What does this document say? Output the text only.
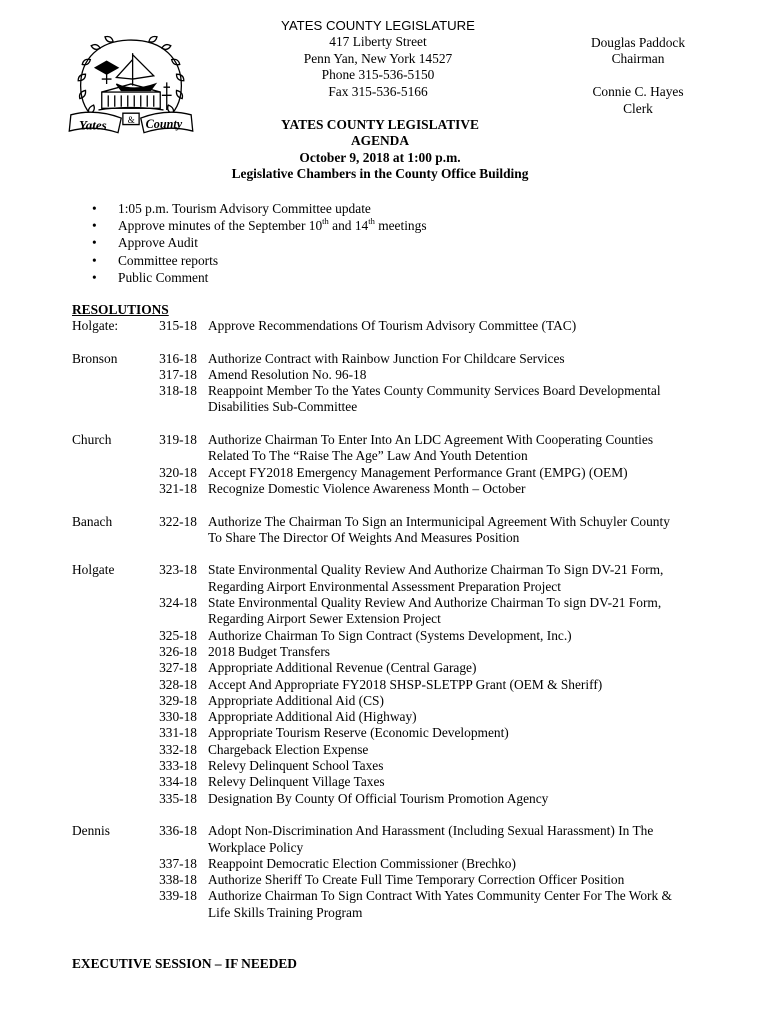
Yates & County
YATES COUNTY LEGISLATURE
417 Liberty Street
Penn Yan, New York 14527
Phone 315-536-5150
Fax 315-536-5166
Douglas Paddock
Chairman
Connie C. Hayes
Clerk
YATES COUNTY LEGISLATIVE
AGENDA
October 9, 2018 at 1:00 p.m.
Legislative Chambers in the County Office Building
• 1:05 p.m. Tourism Advisory Committee update
• Approve minutes of the September 10th and 14th meetings
• Approve Audit
• Committee reports
• Public Comment
RESOLUTIONS
Holgate:	315-18 Approve Recommendations Of Tourism Advisory Committee (TAC)
Bronson	316-18 Authorize Contract with Rainbow Junction For Childcare Services
317-18 Amend Resolution No. 96-18
318-18 Reappoint Member To the Yates County Community Services Board Developmental
Disabilities Sub-Committee
Church	319-18 Authorize Chairman To Enter Into An LDC Agreement With Cooperating Counties
Related To The “Raise The Age” Law And Youth Detention
320-18 Accept FY2018 Emergency Management Performance Grant (EMPG) (OEM)
321-18 Recognize Domestic Violence Awareness Month – October
Banach	322-18 Authorize The Chairman To Sign an Intermunicipal Agreement With Schuyler County
To Share The Director Of Weights And Measures Position
Holgate	323-18 State Environmental Quality Review And Authorize Chairman To Sign DV-21 Form,
Regarding Airport Environmental Assessment Preparation Project
324-18 State Environmental Quality Review And Authorize Chairman To sign DV-21 Form,
Regarding Airport Sewer Extension Project
325-18 Authorize Chairman To Sign Contract (Systems Development, Inc.)
326-18 2018 Budget Transfers
327-18 Appropriate Additional Revenue (Central Garage)
328-18 Accept And Appropriate FY2018 SHSP-SLETPP Grant (OEM & Sheriff)
329-18 Appropriate Additional Aid (CS)
330-18 Appropriate Additional Aid (Highway)
331-18 Appropriate Tourism Reserve (Economic Development)
332-18 Chargeback Election Expense
333-18 Relevy Delinquent School Taxes
334-18 Relevy Delinquent Village Taxes
335-18 Designation By County Of Official Tourism Promotion Agency
Dennis	336-18 Adopt Non-Discrimination And Harassment (Including Sexual Harassment) In The
Workplace Policy
337-18 Reappoint Democratic Election Commissioner (Brechko)
338-18 Authorize Sheriff To Create Full Time Temporary Correction Officer Position
339-18 Authorize Chairman To Sign Contract With Yates Community Center For The Work &
Life Skills Training Program
EXECUTIVE SESSION – IF NEEDED
